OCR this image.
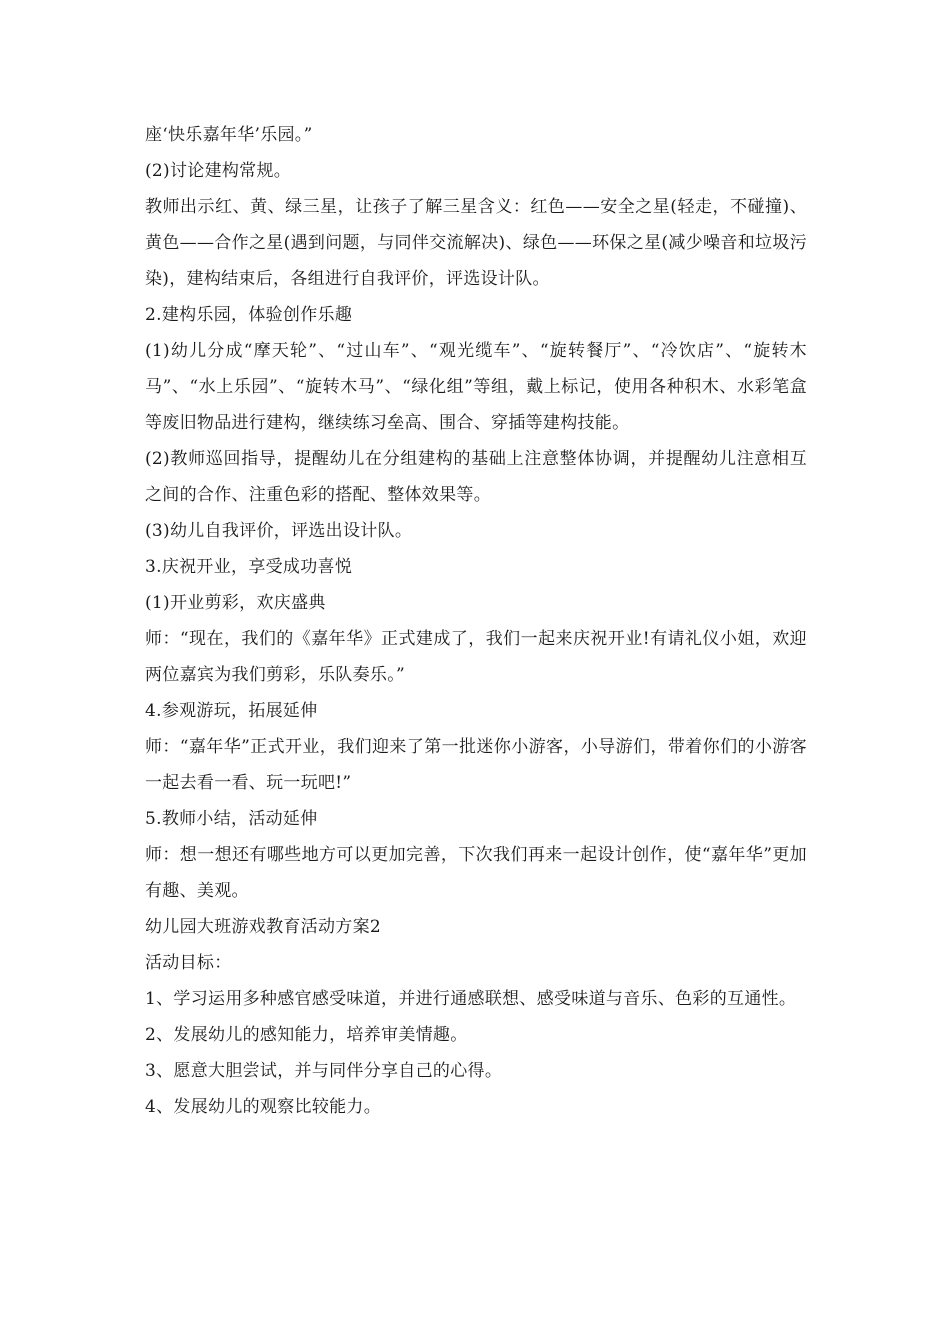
座‘快乐嘉年华’乐园。”

(2)讨论建构常规。

教师出示红、黄、绿三星，让孩子了解三星含义：红色——安全之星(轻走，不碰撞)、黄色——合作之星(遇到问题，与同伴交流解决)、绿色——环保之星(减少噪音和垃圾污染)，建构结束后，各组进行自我评价，评选设计队。

2.建构乐园，体验创作乐趣

(1)幼儿分成“摩天轮”、“过山车”、“观光缆车”、“旋转餐厅”、“冷饮店”、“旋转木马”、“水上乐园”、“旋转木马”、“绿化组”等组，戴上标记，使用各种积木、水彩笔盒等废旧物品进行建构，继续练习垒高、围合、穿插等建构技能。

(2)教师巡回指导，提醒幼儿在分组建构的基础上注意整体协调，并提醒幼儿注意相互之间的合作、注重色彩的搭配、整体效果等。

(3)幼儿自我评价，评选出设计队。

3.庆祝开业，享受成功喜悦

(1)开业剪彩，欢庆盛典

师：“现在，我们的《嘉年华》正式建成了，我们一起来庆祝开业!有请礼仪小姐，欢迎两位嘉宾为我们剪彩，乐队奏乐。”

4.参观游玩，拓展延伸

师：“嘉年华”正式开业，我们迎来了第一批迷你小游客，小导游们，带着你们的小游客一起去看一看、玩一玩吧!”

5.教师小结，活动延伸

师：想一想还有哪些地方可以更加完善，下次我们再来一起设计创作，使“嘉年华”更加有趣、美观。

幼儿园大班游戏教育活动方案2

活动目标：

1、学习运用多种感官感受味道，并进行通感联想、感受味道与音乐、色彩的互通性。

2、发展幼儿的感知能力，培养审美情趣。

3、愿意大胆尝试，并与同伴分享自己的心得。

4、发展幼儿的观察比较能力。
